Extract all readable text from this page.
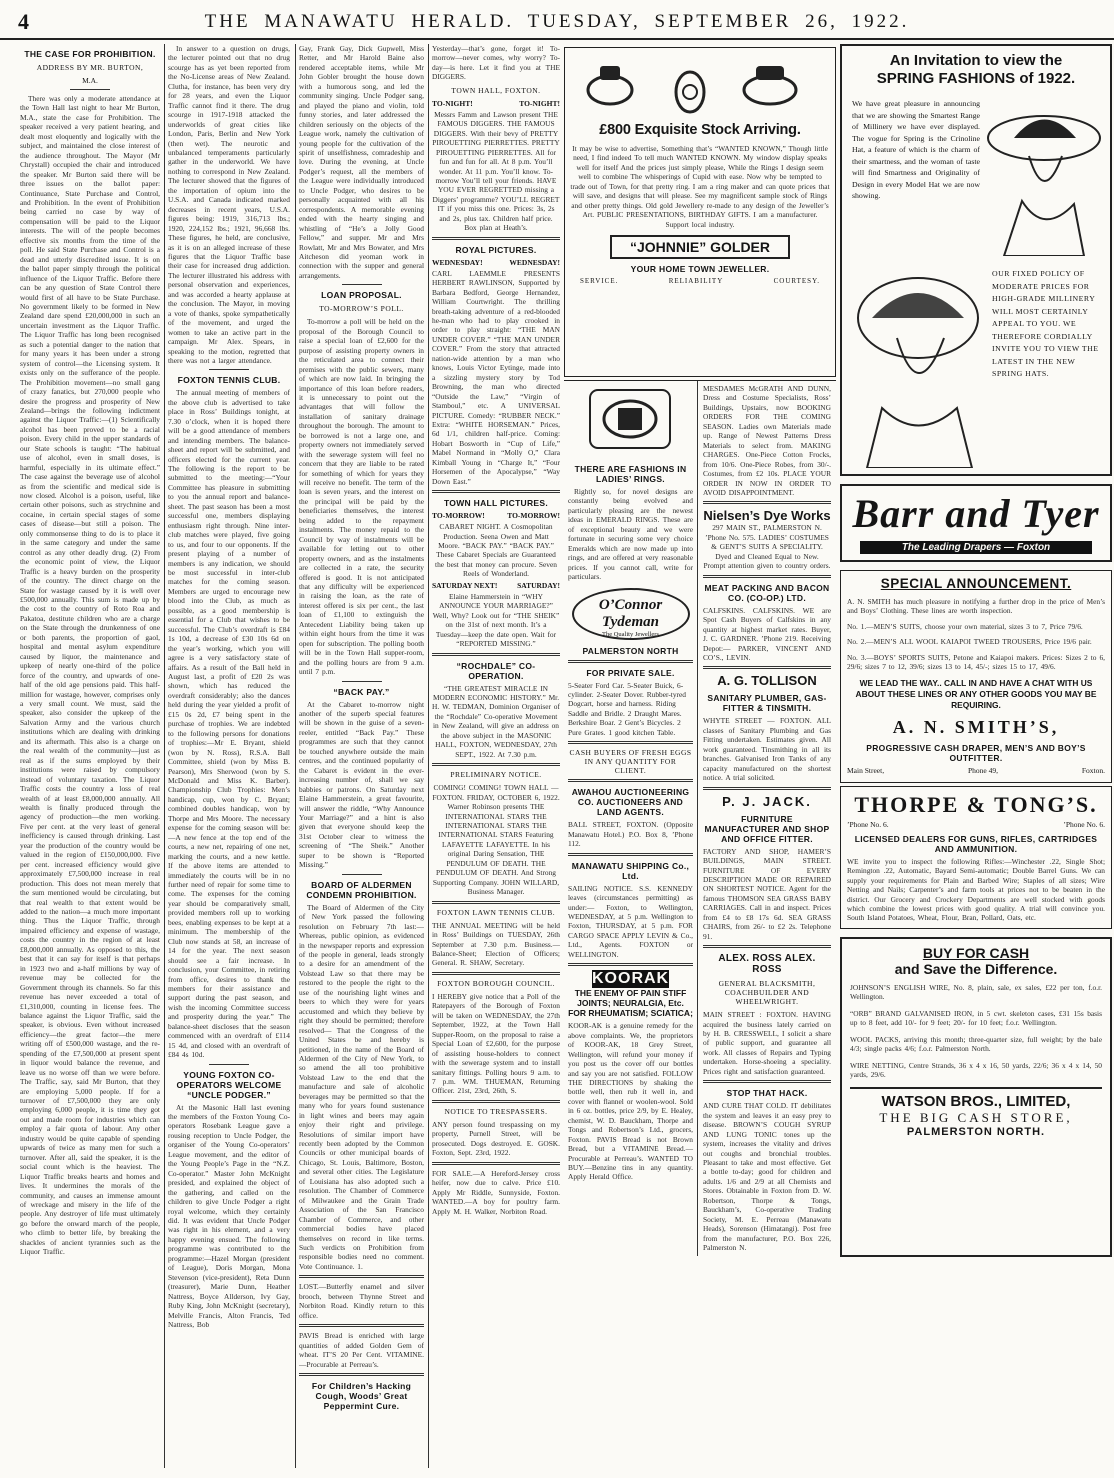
4	THE MANAWATU HERALD. TUESDAY, SEPTEMBER 26, 1922.
THE CASE FOR PROHIBITION.
ADDRESS BY MR. BURTON,
M.A.
There was only a moderate attendance at the Town Hall last night to hear Mr Burton, M.A., state the case for Prohibition. The speaker received a very patient hearing, and dealt most eloquently and logically with the subject, and maintained the close interest of the audience throughout. The Mayor (Mr Chrystall) occupied the chair and introduced the speaker. Mr Burton said there will be three issues on the ballot paper: Continuance, State Purchase and Control, and Prohibition. In the event of Prohibition being carried no case by way of compensation will be paid to the Liquor interests. The will of the people becomes effective six months from the time of the poll. He said State Purchase and Control is a dead and utterly discredited issue. It is on the ballot paper simply through the political influence of the Liquor Traffic. Before there can be any question of State Control there would first of all have to be State Purchase. No government likely to be formed in New Zealand dare spend £20,000,000 in such an uncertain investment as the Liquor Traffic. The Liquor Traffic has long been recognised as such a potential danger to the nation that for many years it has been under a strong system of control—the Licensing system. It exists only on the sufferance of the people. The Prohibition movement—no small gang of crazy fanatics, but 270,000 people who desire the progress and prosperity of New Zealand—brings the following indictment against the Liquor Traffic:—(1) Scientifically alcohol has been proved to be a racial poison. Every child in the upper standards of our State schools is taught: “The habitual use of alcohol, even in small doses, is harmful, especially in its ultimate effect.” The case against the beverage use of alcohol as from the scientific and medical side is now closed. Alcohol is a poison, useful, like certain other poisons, such as strychnine and cocaine, in certain special stages of some cases of disease—but still a poison. The only commonsense thing to do is to place it in the same category and under the same control as any other deadly drug. (2) From the economic point of view, the Liquor Traffic is a heavy burden on the prosperity of the country. The direct charge on the State for wastage caused by it is well over £500,000 annually. This sum is made up by the cost to the country of Roto Roa and Pakatoa, destitute children who are a charge on the State through the drunkenness of one or both parents, the proportion of gaol, hospital and mental asylum expenditure caused by liquor, the maintenance and upkeep of nearly one-third of the police force of the country, and upwards of one-half of the old age pensions paid. This half-million for wastage, however, comprises only a very small count. We must, said the speaker, also consider the upkeep of the Salvation Army and the various church institutions which are dealing with drinking and its aftermath. This also is a charge on the real wealth of the community—just as real as if the sums employed by their institutions were raised by compulsory instead of voluntary taxation. The Liquor Traffic costs the country a loss of real wealth of at least £8,000,000 annually. All wealth is finally produced through the agency of production—the men working. Five per cent. at the very least of general inefficiency is caused through drinking. Last year the production of the country would be valued in the region of £150,000,000. Five per cent. increased efficiency would give approximately £7,500,000 increase in real production. This does not mean merely that the sum mentioned would be circulating, but that real wealth to that extent would be added to the nation—a much more important thing. Thus the Liquor Traffic, through impaired efficiency and expense of wastage, costs the country in the region of at least £8,000,000 annually. As opposed to this, the best that it can say for itself is that perhaps in 1923 two and a-half millions by way of revenue may be collected for the Government through its channels. So far this revenue has never exceeded a total of £1,310,000, counting in license fees. The balance against the Liquor Traffic, said the speaker, is obvious. Even without increased efficiency—the great factor—the mere writing off of £500,000 wastage, and the re-spending of the £7,500,000 at present spent in liquor would balance the revenue, and leave us no worse off than we were before. The Traffic, say, said Mr Burton, that they are employing 5,000 people. If for a turnover of £7,500,000 they are only employing 6,000 people, it is time they got out and made room for industries which can employ a fair quota of labour. Any other industry would be quite capable of spending upwards of twice as many men for such a turnover. After all, said the speaker, it is the social count which is the heaviest. The Liquor Traffic breaks hearts and homes and lives. It undermines the morals of the community, and causes an immense amount of wreckage and misery in the life of the people. Any destroyer of life must ultimately go before the onward march of the people, who climb to better life, by breaking the shackles of ancient tyrannies such as the Liquor Traffic.
In answer to a question on drugs, the lecturer pointed out that no drug scourge has as yet been reported from the No-License areas of New Zealand. Clutha, for instance, has been very dry for 28 years, and even the Liquor Traffic cannot find it there. The drug scourge in 1917-1918 attacked the underworlds of great cities like London, Paris, Berlin and New York (then wet). The neurotic and unbalanced temperaments particularly gather in the underworld. We have nothing to correspond in New Zealand. The lecturer showed that the figures of the importation of opium into the U.S.A. and Canada indicated marked decreases in recent years, U.S.A. figures being: 1919, 316,713 lbs.; 1920, 224,152 lbs.; 1921, 96,668 lbs. These figures, he held, are conclusive, as it is on an alleged increase of these figures that the Liquor Traffic base their case for increased drug addiction. The lecturer illustrated his address with personal observation and experiences, and was accorded a hearty applause at the conclusion. The Mayor, in moving a vote of thanks, spoke sympathetically of the movement, and urged the women to take an active part in the campaign. Mr Alex. Spears, in speaking to the motion, regretted that there was not a larger attendance.
FOXTON TENNIS CLUB.
The annual meeting of members of the above club is advertised to take place in Ross’ Buildings tonight, at 7.30 o’clock, when it is hoped there will be a good attendance of members and intending members. The balance-sheet and report will be submitted, and officers elected for the current year. The following is the report to be submitted to the meeting:—“Your Committee has pleasure in submitting to you the annual report and balance-sheet. The past season has been a most successful one, members displaying enthusiasm right through. Nine inter-club matches were played, five going to us, and four to our opponents. If the present playing of a number of members is any indication, we should be most successful in inter-club matches for the coming season. Members are urged to encourage new blood into the Club, as much as possible, as a good membership is essential for a Club that wishes to be successful. The Club’s overdraft is £84 1s 10d, a decrease of £30 10s 6d on the year’s working, which you will agree is a very satisfactory state of affairs. As a result of the Ball held in August last, a profit of £20 2s was shown, which has reduced the overdraft considerably; also the dances held during the year yielded a profit of £15 0s 2d, £7 being spent in the purchase of trophies. We are indebted to the following persons for donations of trophies:—Mr E. Bryant, shield (won by N. Ross), R.S.A. Ball Committee, shield (won by Miss B. Pearson), Mrs Sherwood (won by S. McDonald and Miss K. Barber). Championship Club Trophies: Men’s handicap, cup, won by C. Bryant; combined doubles handicap, won by Thorpe and Mrs Moore. The necessary expense for the coming season will be:—A new fence at the top end of the courts, a new net, repairing of one net, marking the courts, and a new kettle. If the above items are attended to immediately the courts will be in no further need of repair for some time to come. The expenses for the coming year should be comparatively small, provided members roll up to working bees, enabling expenses to be kept at a minimum. The membership of the Club now stands at 58, an increase of 14 for the year. The next season should see a fair increase. In conclusion, your Committee, in retiring from office, desires to thank the members for their assistance and support during the past season, and wish the incoming Committee success and prosperity during the year.” The balance-sheet discloses that the season commenced with an overdraft of £114 15 4d, and closed with an overdraft of £84 4s 10d.
YOUNG FOXTON CO-OPERATORS WELCOME “UNCLE PODGER.”
At the Masonic Hall last evening the members of the Foxton Young Co-operators Rosebank League gave a rousing reception to Uncle Podger, the organiser of the Young Co-operators’ League movement, and the editor of the Young People’s Page in the “N.Z. Co-operator.” Master John McKnight presided, and explained the object of the gathering, and called on the children to give Uncle Podger a right royal welcome, which they certainly did. It was evident that Uncle Podger was right in his element, and a very happy evening ensued. The following programme was contributed to the programme:—Hazel Morgan (president of League), Doris Morgan, Mona Stevenson (vice-president), Reta Dunn (treasurer), Marie Dunn, Heather Nattress, Boyce Allderson, Ivy Gay, Ruby King, John McKnight (secretary), Melville Francis, Alton Francis, Ted Nattress, Bob
Gay, Frank Gay, Dick Gupwell, Miss Retter, and Mr Harold Baine also rendered acceptable items, while Mr John Gobler brought the house down with a humorous song, and led the community singing. Uncle Podger sang, and played the piano and violin, told funny stories, and later addressed the children seriously on the objects of the League work, namely the cultivation of young people for the cultivation of the spirit of unselfishness, comradeship and love. During the evening, at Uncle Podger’s request, all the members of the League were individually introduced to Uncle Podger, who desires to be personally acquainted with all his correspondents. A memorable evening ended with the hearty singing and whistling of “He’s a Jolly Good Fellow,” and supper. Mr and Mrs Rowlatt, Mr and Mrs Bowater, and Mrs Aitcheson did yeoman work in connection with the supper and general arrangements.
LOAN PROPOSAL.
TO-MORROW’S POLL.
To-morrow a poll will be held on the proposal of the Borough Council to raise a special loan of £2,600 for the purpose of assisting property owners in the reticulated area to connect their premises with the public sewers, many of which are now laid. In bringing the importance of this loan before readers, it is unnecessary to point out the advantages that will follow the installation of sanitary drainage throughout the borough. The amount to be borrowed is not a large one, and property owners not immediately served with the sewerage system will feel no concern that they are liable to be rated for something of which for years they will receive no benefit. The term of the loan is seven years, and the interest on the principal will be paid by the beneficiaries themselves, the interest being added to the repayment instalments. The money repaid to the Council by way of instalments will be available for letting out to other property owners, and as the instalments are collected in a rate, the security offered is good. It is not anticipated that any difficulty will be experienced in raising the loan, as the rate of interest offered is six per cent., the last loan of £1,100 to extinguish the Antecedent Liability being taken up within eight hours from the time it was open for subscription. The polling booth will be in the Town Hall supper-room, and the polling hours are from 9 a.m. until 7 p.m.
“BACK PAY.”
At the Cabaret to-morrow night another of the superb special features will be shown in the guise of a seven-reeler, entitled “Back Pay.” These programmes are such that they cannot be touched anywhere outside the main centres, and the continued popularity of the Cabaret is evident in the ever-increasing number of, shall we say babbies or patrons. On Saturday next Elaine Hammerstein, a great favourite, will answer the riddle, “Why Announce Your Marriage?” and a hint is also given that everyone should keep the 31st October clear to witness the screening of “The Sheik.” Another super to be shown is “Reported Missing.”
BOARD OF ALDERMEN CONDEMN PROHIBITION.
The Board of Aldermen of the City of New York passed the following resolution on February 7th last:— Whereas, public opinion, as evidenced in the newspaper reports and expression of the people in general, leads strongly to a desire for an amendment of the Volstead Law so that there may be restored to the people the right to the use of the nourishing light wines and beers to which they were for years accustomed and which they believe by right they should be permitted; therefore resolved— That the Congress of the United States be and hereby is petitioned, in the name of the Board of Aldermen of the City of New York, to so amend the all too prohibitive Volstead Law to the end that the manufacture and sale of alcoholic beverages may be permitted so that the many who for years found sustenance in light wines and beers may again enjoy their right and privilege. Resolutions of similar import have recently been adopted by the Common Councils or other municipal boards of Chicago, St. Louis, Baltimore, Boston, and several other cities. The Legislature of Louisiana has also adopted such a resolution. The Chamber of Commerce of Milwaukee and the Grain Trade Association of the San Francisco Chamber of Commerce, and other commercial bodies have placed themselves on record in like terms. Such verdicts on Prohibition from responsible bodies need no comment. Vote Continuance. 1.
LOST.—Butterfly enamel and silver brooch, between Thynne Street and Norbiton Road. Kindly return to this office.
PAVIS Bread is enriched with large quantities of added Golden Gem of wheat. IT’S 20 Per Cent. VITAMINE.—Procurable at Perreau’s.
For Children’s Hacking Cough, Woods’ Great Peppermint Cure.
Yesterday—that’s gone, forget it! To-morrow—never comes, why worry? To-day—is here. Let it find you at THE DIGGERS.
TOWN HALL, FOXTON.
TO-NIGHT!	TO-NIGHT!
Messrs Famm and Lawson present THE FAMOUS DIGGERS. THE FAMOUS DIGGERS. With their bevy of PRETTY PIROUETTING PIERRETTES. PRETTY PIROUETTING PIERRETTES. All for fun and fun for all. At 8 p.m. You’ll wonder. At 11 p.m. You’ll know. To-morrow You’ll tell your friends. HAVE YOU EVER REGRETTED missing a Diggers’ programme? YOU’LL REGRET IT if you miss this one. Prices: 3s, 2s and 2s, plus tax. Children half price. Box plan at Heath’s.
ROYAL PICTURES.
WEDNESDAY!	WEDNESDAY!
CARL LAEMMLE PRESENTS HERBERT RAWLINSON, Supported by Barbara Bedford, George Hernandez, William Courtwright. The thrilling breath-taking adventure of a red-blooded he-man who had to play crooked in order to play straight: “THE MAN UNDER COVER.” “THE MAN UNDER COVER.” From the story that attracted nation-wide attention by a man who knows, Louis Victor Eytinge, made into a sizzling mystery story by Tod Browning, the man who directed “Outside the Law,” “Virgin of Stamboul,” etc. A UNIVERSAL PICTURE. Comedy: “RUBBER NECK.” Extra: “WHITE HORSEMAN.” Prices, 6d 1/1, children half-price. Coming: Hobart Bosworth in “Cup of Life,” Mabel Normand in “Molly O,” Clara Kimball Young in “Charge It,” “Four Horsemen of the Apocalypse,” “Way Down East.”
TOWN HALL PICTURES.
TO-MORROW!	TO-MORROW!
CABARET NIGHT. A Cosmopolitan Production. Seena Owen and Matt Moore. “BACK PAY.” “BACK PAY.” These Cabaret Specials are Guaranteed the best that money can procure. Seven Reels of Wonderland.
SATURDAY NEXT!	SATURDAY!
Elaine Hammerstein in “WHY ANNOUNCE YOUR MARRIAGE?” Well, Why? Look out for “THE SHEIK” on the 31st of next month. It’s a Tuesday—keep the date open. Wait for “REPORTED MISSING.”
“ROCHDALE” CO-OPERATION.
“THE GREATEST MIRACLE IN MODERN ECONOMIC HISTORY.” Mr. H. W. TEDMAN, Dominion Organiser of the “Rochdale” Co-operative Movement in New Zealand, will give an address on the above subject in the MASONIC HALL, FOXTON, WEDNESDAY, 27th SEPT., 1922. At 7.30 p.m.
PRELIMINARY NOTICE.
COMING! COMING! TOWN HALL — FOXTON. FRIDAY, OCTOBER 6, 1922. Warner Robinson presents THE INTERNATIONAL STARS THE INTERNATIONAL STARS THE INTERNATIONAL STARS Featuring LAFAYETTE LAFAYETTE. In his original Daring Sensation, THE PENDULUM OF DEATH. THE PENDULUM OF DEATH. And Strong Supporting Company. JOHN WILLARD, Business Manager.
FOXTON LAWN TENNIS CLUB.
THE ANNUAL MEETING will be held in Ross’ Buildings on TUESDAY, 26th September at 7.30 p.m. Business.—Balance-Sheet; Election of Officers; General. R. SHAW, Secretary.
FOXTON BOROUGH COUNCIL.
I HEREBY give notice that a Poll of the Ratepayers of the Borough of Foxton will be taken on WEDNESDAY, the 27th September, 1922, at the Town Hall Supper-Room, on the proposal to raise a Special Loan of £2,600, for the purpose of assisting house-holders to connect with the sewerage system and to install sanitary fittings. Polling hours 9 a.m. to 7 p.m. WM. THUEMAN, Returning Officer. 21st, 23rd, 26th, S.
NOTICE TO TRESPASSERS.
ANY person found trespassing on my property, Purnell Street, will be prosecuted. Dogs destroyed. E. GOSK. Foxton, Sept. 23rd, 1922.
FOR SALE.—A Hereford-Jersey cross heifer, now due to calve. Price £10. Apply Mr Riddle, Sunnyside, Foxton. WANTED.—A boy for poultry farm. Apply M. H. Walker, Norbiton Road.
£800 Exquisite Stock Arriving.
It may be wise to advertise, Something that’s “WANTED KNOWN,” Though little need, I find indeed To tell much WANTED KNOWN. My window display speaks well for itself And the prices just simply please, While the Rings I design seem well to combine The whisperings of Cupid with ease. Now why be tempted to trade out of Town, for that pretty ring. I am a ring maker and can quote prices that will save, and designs that will please. See my magnificent sample stock of Rings and other pretty things. Old gold Jewellery re-made to any design of the Jeweller’s Art. PUBLIC PRESENTATIONS, BIRTHDAY GIFTS. I am a manufacturer. Support local industry.
“JOHNNIE” GOLDER
YOUR HOME TOWN JEWELLER.
SERVICE.	RELIABILITY	COURTESY.
THERE ARE FASHIONS IN LADIES’ RINGS.
Rightly so, for novel designs are constantly being evolved and particularly pleasing are the newest ideas in EMERALD RINGS. These are of exceptional beauty and we were fortunate in securing some very choice Emeralds which are now made up into rings, and are offered at very reasonable prices. If you cannot call, write for particulars.
O’Connor Tydeman
The Quality Jewellers
PALMERSTON NORTH
FOR PRIVATE SALE.
5-Seater Ford Car. 5-Seater Buick, 6-cylinder. 2-Seater Dover. Rubber-tyred Dogcart, horse and harness. Riding Saddle and Bridle. 2 Draught Mares. Berkshire Boar. 2 Gent’s Bicycles. 2 Pure Grates. 1 good kitchen Table.
CASH BUYERS OF FRESH EGGS IN ANY QUANTITY FOR CLIENT.
AWAHOU AUCTIONEERING CO. AUCTIONEERS AND LAND AGENTS.
BALL STREET, FOXTON. (Opposite Manawatu Hotel.) P.O. Box 8, ’Phone 112.
MANAWATU SHIPPING Co., Ltd.
SAILING NOTICE. S.S. KENNEDY leaves (circumstances permitting) as under:— Foxton, to Wellington, WEDNESDAY, at 5 p.m. Wellington to Foxton, THURSDAY, at 5 p.m. FOR CARGO SPACE APPLY LEVIN & Co., Ltd., Agents. FOXTON or WELLINGTON.
KOORAK
THE ENEMY OF PAIN STIFF JOINTS; NEURALGIA, Etc. FOR RHEUMATISM; SCIATICA;
KOOR-AK is a genuine remedy for the above complaints. We, the proprietors of KOOR-AK, 18 Grey Street, Wellington, will refund your money if you post us the cover off our bottles and say you are not satisfied. FOLLOW THE DIRECTIONS by shaking the bottle well, then rub it well in, and cover with flannel or woolen-wool. Sold in 6 oz. bottles, price 2/9, by E. Healey, chemist, W. D. Bauckham, Thorpe and Tongs and Robertson’s Ltd., grocers, Foxton. PAVIS Bread is not Brown Bread, but a VITAMINE Bread.—Procurable at Perreau’s. WANTED TO BUY.—Benzine tins in any quantity. Apply Herald Office.
MESDAMES McGRATH AND DUNN, Dress and Costume Specialists, Ross’ Buildings, Upstairs, now BOOKING ORDERS FOR THE COMING SEASON. Ladies own Materials made up. Range of Newest Patterns Dress Materials to select from. MAKING CHARGES. One-Piece Cotton Frocks, from 10/6. One-Piece Robes, from 30/-. Costumes, from £2 10s. PLACE YOUR ORDER IN NOW IN ORDER TO AVOID DISAPPOINTMENT.
Nielsen’s Dye Works
297 MAIN ST., PALMERSTON N. ’Phone No. 575. LADIES’ COSTUMES & GENT’S SUITS A SPECIALITY. Dyed and Cleaned Equal to New. Prompt attention given to country orders.
MEAT PACKING AND BACON CO. (CO-OP.) LTD.
CALFSKINS. CALFSKINS. WE are Spot Cash Buyers of Calfskins in any quantity at highest market rates. Buyer, J. C. GARDNER. ’Phone 219. Receiving Depot:— PARKER, VINCENT AND CO’S., LEVIN.
A. G. TOLLISON
SANITARY PLUMBER, GAS-FITTER & TINSMITH.
WHYTE STREET — FOXTON. ALL classes of Sanitary Plumbing and Gas Fitting undertaken. Estimates given. All work guaranteed. Tinsmithing in all its branches. Galvanised Iron Tanks of any capacity manufactured on the shortest notice. A trial solicited.
P. J. JACK.
FURNITURE MANUFACTURER AND SHOP AND OFFICE FITTER.
FACTORY AND SHOP, HAMER’S BUILDINGS, MAIN STREET. FURNITURE OF EVERY DESCRIPTION MADE OR REPAIRED ON SHORTEST NOTICE. Agent for the famous THOMSON SEA GRASS BABY CARRIAGES. Call in and inspect. Prices from £4 to £8 17s 6d. SEA GRASS CHAIRS, from 26/- to £2 2s. Telephone 91.
ALEX. ROSS ALEX. ROSS
GENERAL BLACKSMITH, COACHBUILDER AND WHEELWRIGHT.
MAIN STREET : FOXTON. HAVING acquired the business lately carried on by H. B. CRESSWELL, I solicit a share of public support, and guarantee all work. All classes of Repairs and Typing undertaken. Horse-shoeing a speciality. Prices right and satisfaction guaranteed.
STOP THAT HACK.
AND CURE THAT COLD. IT debilitates the system and leaves it an easy prey to disease. BROWN’S COUGH SYRUP AND LUNG TONIC tones up the system, increases the vitality and drives out coughs and bronchial troubles. Pleasant to take and most effective. Get a bottle to-day; good for children and adults. 1/6 and 2/9 at all Chemists and Stores. Obtainable in Foxton from D. W. Robertson, Thorpe & Tongs, Bauckham’s, Co-operative Trading Society, M. E. Perreau (Manawatu Heads), Sorenson (Himatangi). Post free from the manufacturer, P.O. Box 226, Palmerston N.
An Invitation to view the
SPRING FASHIONS of 1922.
We have great pleasure in announcing that we are showing the Smartest Range of Millinery we have ever displayed. The vogue for Spring is the Crinoline Hat, a feature of which is the charm of their smartness, and the woman of taste will find Smartness and Originality of Design in every Model Hat we are now showing.
OUR FIXED POLICY OF MODERATE PRICES FOR HIGH-GRADE MILLINERY WILL MOST CERTAINLY APPEAL TO YOU. WE THEREFORE CORDIALLY INVITE YOU TO VIEW THE LATEST IN THE NEW SPRING HATS.
Barr and Tyer
The Leading Drapers — Foxton
SPECIAL ANNOUNCEMENT.
A. N. SMITH has much pleasure in notifying a further drop in the price of Men’s and Boys’ Clothing. These lines are worth inspection.
No. 1.—MEN’S SUITS, choose your own material, sizes 3 to 7, Price 79/6.
No. 2.—MEN’S ALL WOOL KAIAPOI TWEED TROUSERS, Price 19/6 pair.
No. 3.—BOYS’ SPORTS SUITS, Petone and Kaiapoi makers. Prices: Sizes 2 to 6, 29/6; sizes 7 to 12, 39/6; sizes 13 to 14, 45/-; sizes 15 to 17, 49/6.
WE LEAD THE WAY.. CALL IN AND HAVE A CHAT WITH US ABOUT THESE LINES OR ANY OTHER GOODS YOU MAY BE REQUIRING.
A. N. SMITH’S,
PROGRESSIVE CASH DRAPER, MEN’S AND BOY’S OUTFITTER.
Main Street,	Phone 49,	Foxton.
THORPE & TONG’S.
’Phone No. 6.	’Phone No. 6.
LICENSED DEALERS FOR GUNS, RIFLES, CARTRIDGES AND AMMUNITION.
WE invite you to inspect the following Rifles:—Winchester .22, Single Shot; Remington .22, Automatic, Bayard Semi-automatic; Double Barrel Guns. We can supply your requirements for Plain and Barbed Wire; Staples of all sizes; Wire Netting and Nails; Carpenter’s and farm tools at prices not to be beaten in the district. Our Grocery and Crockery Departments are well stocked with goods which combine the lowest prices with good quality. A trial will convince you. South Island Potatoes, Wheat, Flour, Bran, Pollard, Oats, etc.
BUY FOR CASH
and Save the Difference.
JOHNSON’S ENGLISH WIRE, No. 8, plain, sale, ex sales, £22 per ton, f.o.r. Wellington.
“ORB” BRAND GALVANISED IRON, in 5 cwt. skeleton cases, £31 15s basis up to 8 feet, add 10/- for 9 feet; 20/- for 10 feet; f.o.r. Wellington.
WOOL PACKS, arriving this month; three-quarter size, full weight; by the bale 4/3; single packs 4/6; f.o.r. Palmerston North.
WIRE NETTING, Centre Strands, 36 x 4 x 16, 50 yards, 22/6; 36 x 4 x 14, 50 yards, 29/6.
WATSON BROS., LIMITED,
THE BIG CASH STORE,
PALMERSTON NORTH.
